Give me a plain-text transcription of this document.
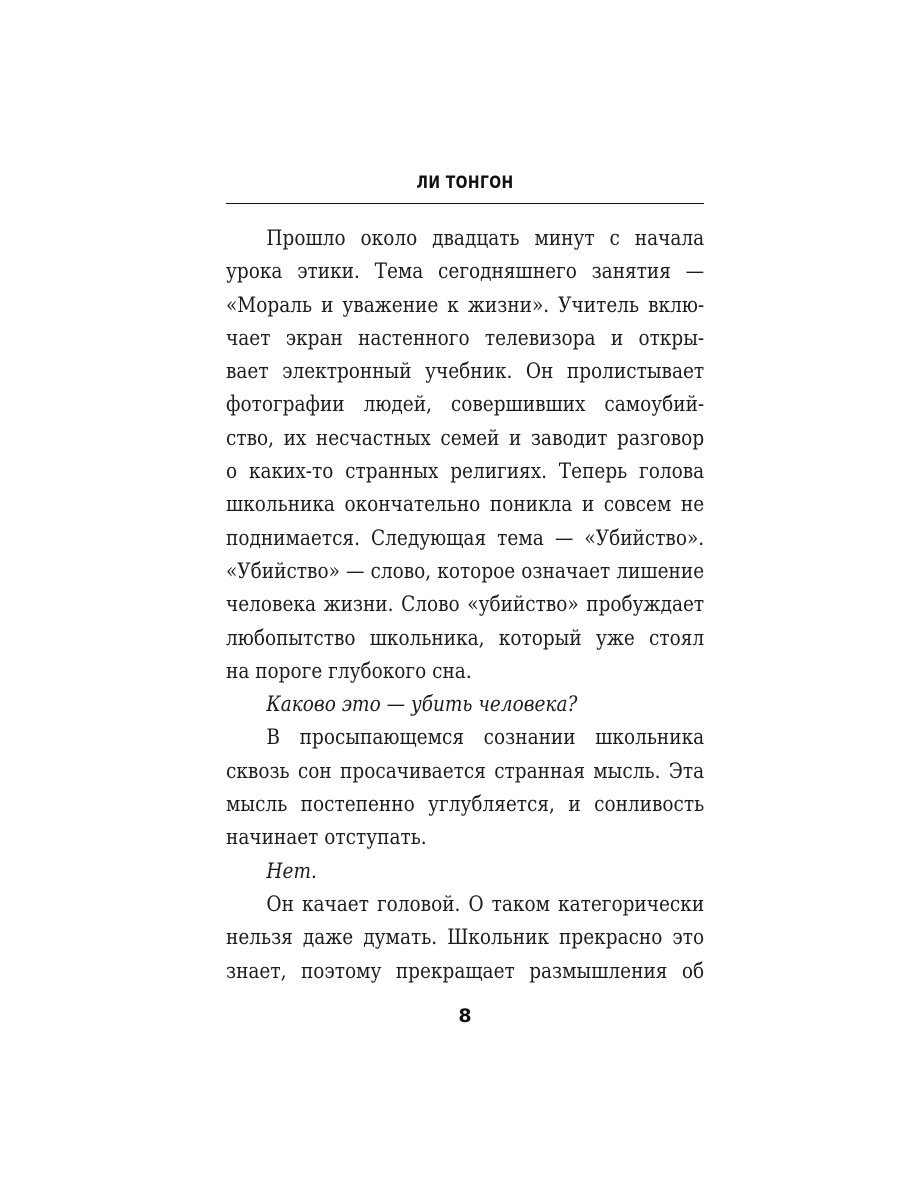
ЛИ ТОНГОН
Прошло около двадцать минут с начала
урока этики. Тема сегодняшнего занятия —
«Мораль и уважение к жизни». Учитель вклю-
чает экран настенного телевизора и откры-
вает электронный учебник. Он пролистывает
фотографии людей, совершивших самоубий-
ство, их несчастных семей и заводит разговор
о каких-то странных религиях. Теперь голова
школьника окончательно поникла и совсем не
поднимается. Следующая тема — «Убийство».
«Убийство» — слово, которое означает лишение
человека жизни. Слово «убийство» пробуждает
любопытство школьника, который уже стоял
на пороге глубокого сна.
Каково это — убить человека?
В просыпающемся сознании школьника
сквозь сон просачивается странная мысль. Эта
мысль постепенно углубляется, и сонливость
начинает отступать.
Нет.
Он качает головой. О таком категорически
нельзя даже думать. Школьник прекрасно это
знает, поэтому прекращает размышления об
8
